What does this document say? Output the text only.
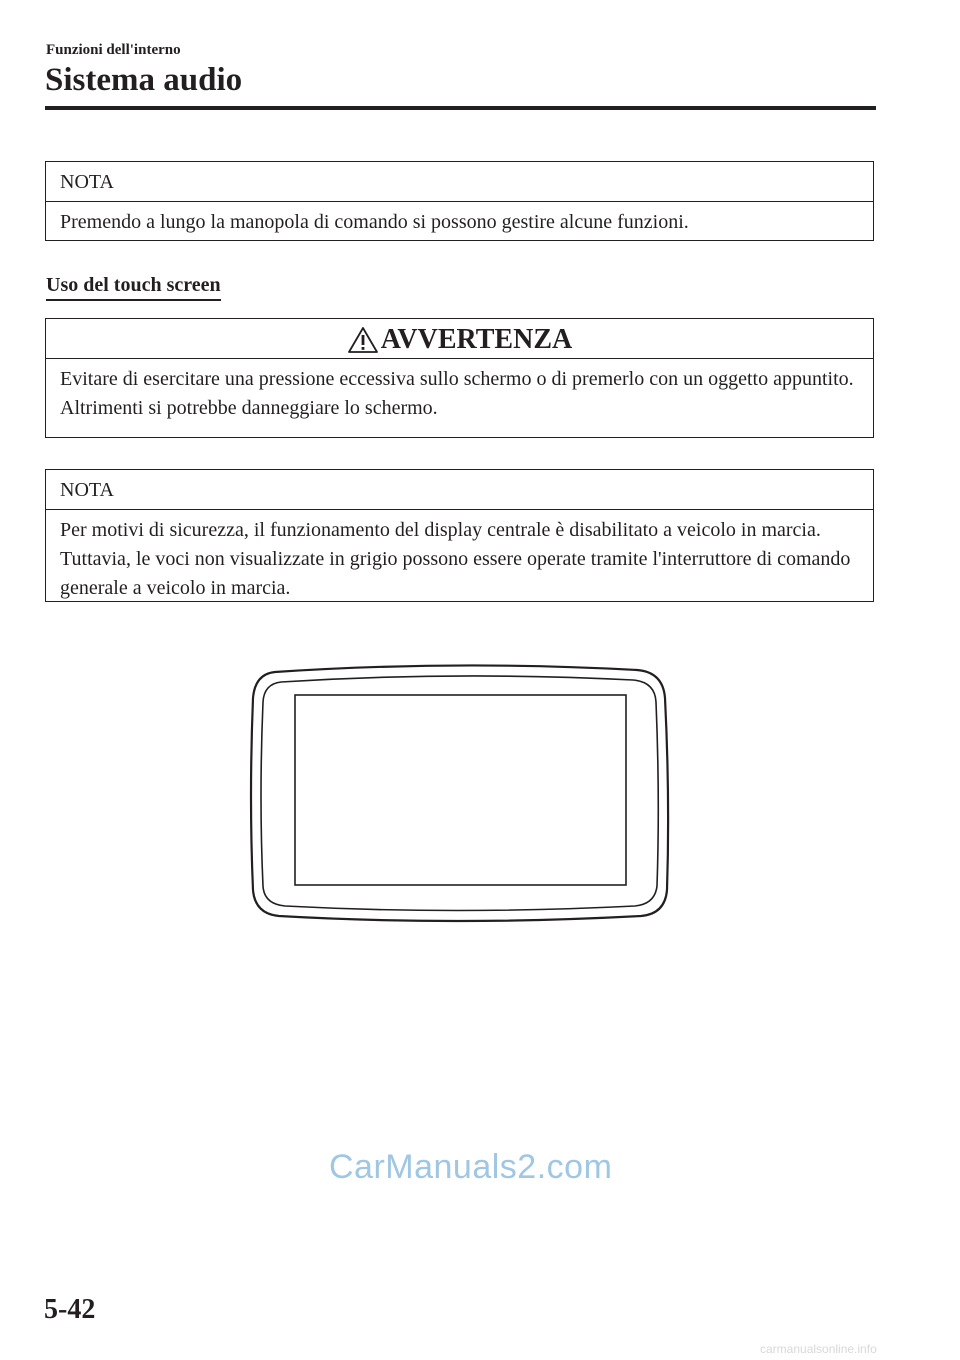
Funzioni dell'interno
Sistema audio
NOTA
Premendo a lungo la manopola di comando si possono gestire alcune funzioni.
Uso del touch screen
AVVERTENZA
Evitare di esercitare una pressione eccessiva sullo schermo o di premerlo con un oggetto appuntito. Altrimenti si potrebbe danneggiare lo schermo.
NOTA
Per motivi di sicurezza, il funzionamento del display centrale è disabilitato a veicolo in marcia. Tuttavia, le voci non visualizzate in grigio possono essere operate tramite l'interruttore di comando generale a veicolo in marcia.
CarManuals2.com
5-42
carmanualsonline.info
